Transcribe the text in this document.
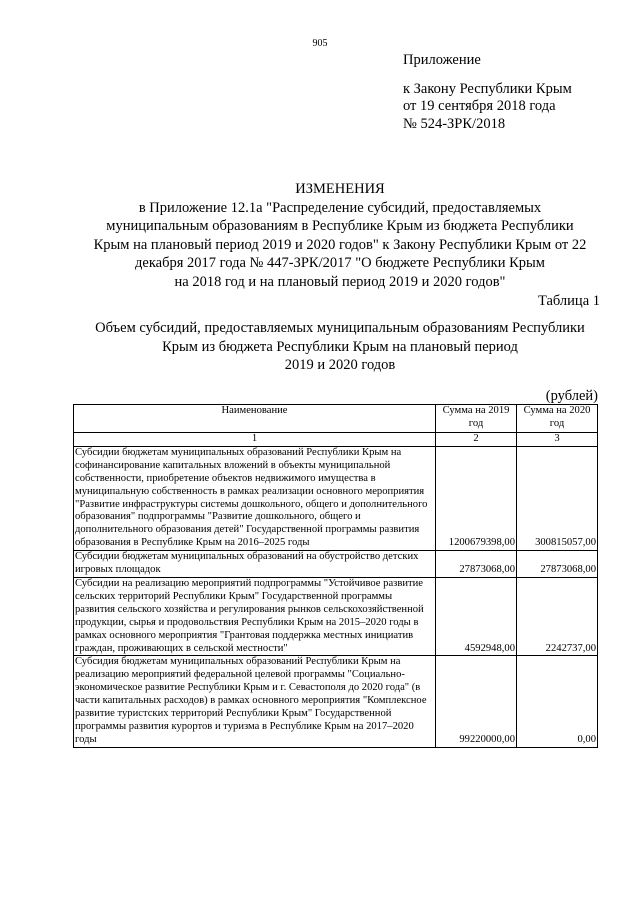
905
Приложение
к Закону Республики Крым
от 19 сентября 2018 года
№ 524-ЗРК/2018
ИЗМЕНЕНИЯ
в Приложение 12.1а "Распределение субсидий, предоставляемых
муниципальным образованиям в Республике Крым из бюджета Республики
Крым на плановый период 2019 и 2020 годов" к Закону Республики Крым от 22
декабря 2017 года № 447-ЗРК/2017 "О бюджете Республики Крым
на 2018 год и на плановый период 2019 и 2020 годов"
Таблица 1
Объем субсидий, предоставляемых муниципальным образованиям Республики
Крым из бюджета Республики Крым на плановый период
2019 и 2020 годов
(рублей)
Наименование	Сумма на 2019 год	Сумма на 2020 год
1	2	3
Субсидии бюджетам муниципальных образований Республики Крым на софинансирование капитальных вложений в объекты муниципальной собственности, приобретение объектов недвижимого имущества в муниципальную собственность в рамках реализации основного мероприятия "Развитие инфраструктуры системы дошкольного, общего и дополнительного образования" подпрограммы "Развитие дошкольного, общего и дополнительного образования детей" Государственной программы развития образования в Республике Крым на 2016–2025 годы	1200679398,00	300815057,00
Субсидии бюджетам муниципальных образований на обустройство детских игровых площадок	27873068,00	27873068,00
Субсидии на реализацию мероприятий подпрограммы "Устойчивое развитие сельских территорий Республики Крым" Государственной программы развития сельского хозяйства и регулирования рынков сельскохозяйственной продукции, сырья и продовольствия Республики Крым на 2015–2020 годы в рамках основного мероприятия "Грантовая поддержка местных инициатив граждан, проживающих в сельской местности"	4592948,00	2242737,00
Субсидия бюджетам муниципальных образований Республики Крым на реализацию мероприятий федеральной целевой программы "Социально-экономическое развитие Республики Крым и г. Севастополя до 2020 года" (в части капитальных расходов) в рамках основного мероприятия "Комплексное развитие туристских территорий Республики Крым" Государственной программы развития курортов и туризма в Республике Крым на 2017–2020 годы	99220000,00	0,00
